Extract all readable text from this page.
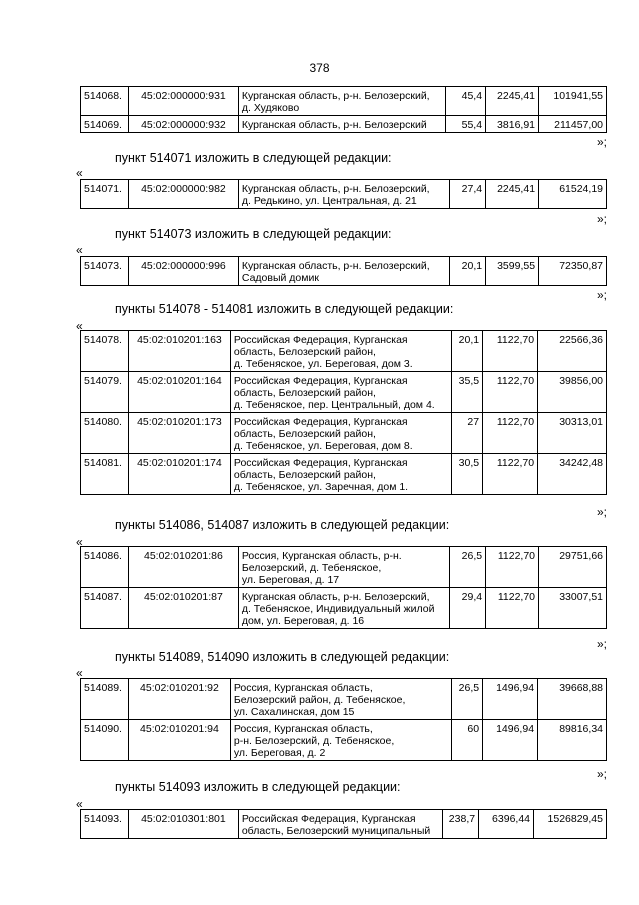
378
514068.	45:02:000000:931	Курганская область, р-н. Белозерский,
д. Худяково	45,4	2245,41	101941,55
514069.	45:02:000000:932	Курганская область, р-н. Белозерский	55,4	3816,91	211457,00
»;
пункт 514071 изложить в следующей редакции:
«
514071.	45:02:000000:982	Курганская область, р-н. Белозерский,
д. Редькино, ул. Центральная, д. 21
	27,4	2245,41	61524,19
»;
пункт 514073 изложить в следующей редакции:
«
514073.	45:02:000000:996	Курганская область, р-н. Белозерский,
Садовый домик
	20,1	3599,55	72350,87
»;
пункты 514078 - 514081 изложить в следующей редакции:
«
514078.	45:02:010201:163	Российская Федерация, Курганская
область, Белозерский район,
д. Тебеняcкое, ул. Береговая, дом 3.	20,1	1122,70	22566,36
514079.	45:02:010201:164	Российская Федерация, Курганская
область, Белозерский район,
д. Тебеняcкое, пер. Центральный, дом 4.	35,5	1122,70	39856,00
514080.	45:02:010201:173	Российская Федерация, Курганская
область, Белозерский район,
д. Тебеняcкое, ул. Береговая, дом 8.	27	1122,70	30313,01
514081.	45:02:010201:174	Российская Федерация, Курганская
область, Белозерский район,
д. Тебеняcкое, ул. Заречная, дом 1.	30,5	1122,70	34242,48
»;
пункты 514086, 514087 изложить в следующей редакции:
«
514086.	45:02:010201:86	Россия, Курганская область, р-н.
Белозерский, д. Тебеняcкое,
ул. Береговая, д. 17	26,5	1122,70	29751,66
514087.	45:02:010201:87	Курганская область, р-н. Белозерский,
д. Тебеняcкое, Индивидуальный жилой
дом, ул. Береговая, д. 16	29,4	1122,70	33007,51
»;
пункты 514089, 514090 изложить в следующей редакции:
«
514089.	45:02:010201:92	Россия, Курганская область,
Белозерский район, д. Тебеняcкое,
ул. Сахалинская, дом 15	26,5	1496,94	39668,88
514090.	45:02:010201:94	Россия, Курганская область,
р-н. Белозерский, д. Тебеняcкое,
ул. Береговая, д. 2	60	1496,94	89816,34
»;
пункты 514093 изложить в следующей редакции:
«
514093.	45:02:010301:801	Российская Федерация, Курганская
область, Белозерский муниципальный
	238,7	6396,44	1526829,45
